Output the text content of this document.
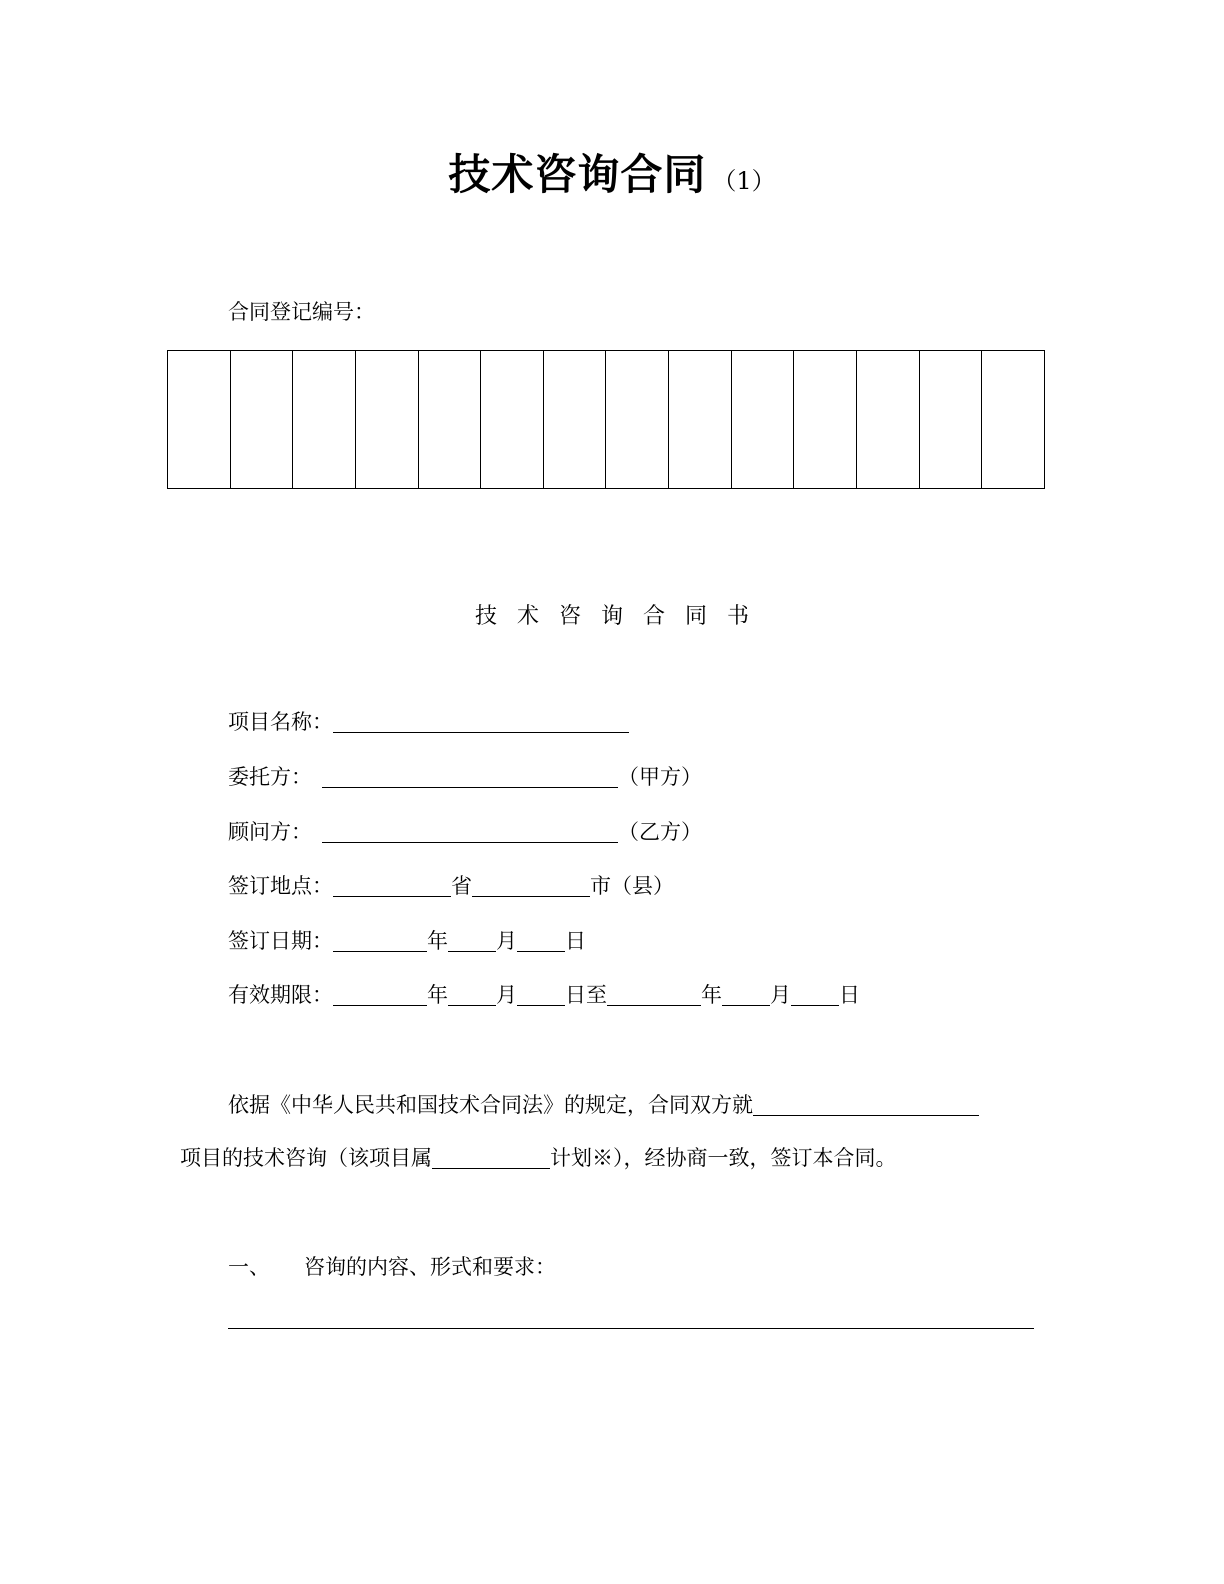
技术咨询合同 （1）
合同登记编号：
技术咨询合同书
项目名称：
委托方：	（甲方）
顾问方：	（乙方）
签订地点：	省	市（县）
签订日期：	年 月 日
有效期限：	年 月 日至	年 月 日
依据《中华人民共和国技术合同法》的规定，合同双方就
项目的技术咨询（该项目属	计划※），经协商一致，签订本合同。
一、 咨询的内容、形式和要求：
